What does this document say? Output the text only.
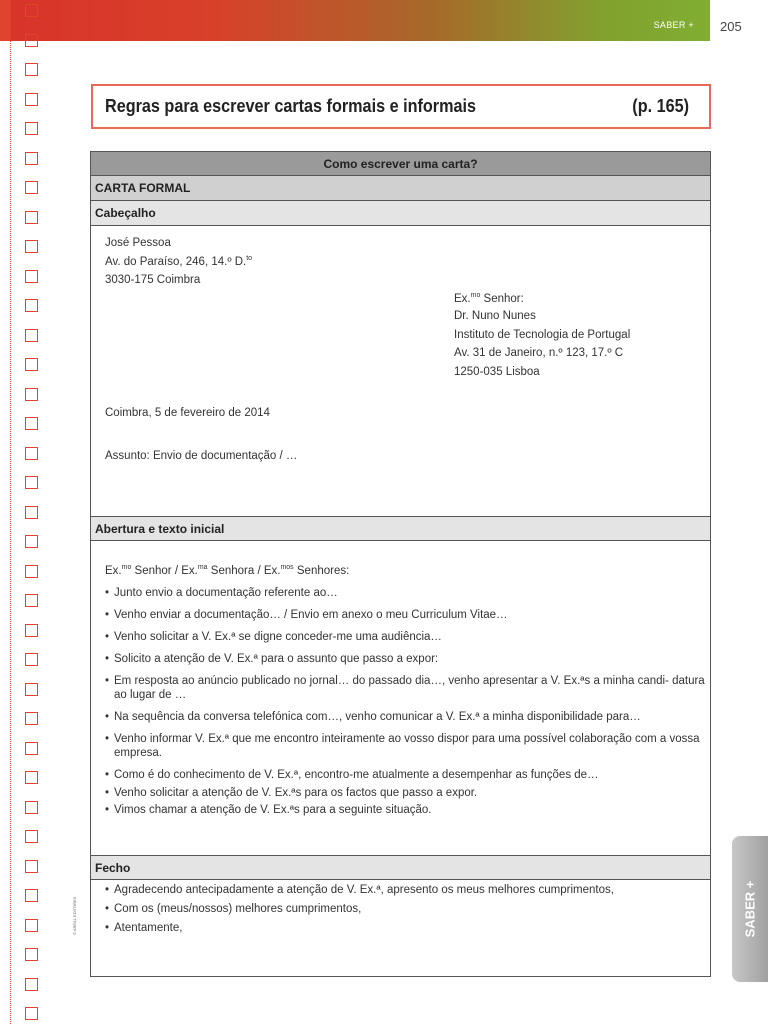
SABER + 205
Regras para escrever cartas formais e informais	(p. 165)
Como escrever uma carta?
CARTA FORMAL
Cabeçalho
José Pessoa
Av. do Paraíso, 246, 14.º D.$^{to}$
3030-175 Coimbra
Ex.$^{mo}$ Senhor:
Dr. Nuno Nunes
Instituto de Tecnologia de Portugal
Av. 31 de Janeiro, n.º 123, 17.º C
1250-035 Lisboa
Coimbra, 5 de fevereiro de 2014
Assunto: Envio de documentação / …
Abertura e texto inicial
Ex.$^{mo}$ Senhor / Ex.$^{ma}$ Senhora / Ex.$^{mos}$ Senhores:
• Junto envio a documentação referente ao…
• Venho enviar a documentação… / Envio em anexo o meu Curriculum Vitae…
• Venho solicitar a V. Ex.ª se digne conceder-me uma audiência…
• Solicito a atenção de V. Ex.ª para o assunto que passo a expor:
• Em resposta ao anúncio publicado no jornal… do passado dia…, venho apresentar a V. Ex.ªs a minha candi- datura ao lugar de …
• Na sequência da conversa telefónica com…, venho comunicar a V. Ex.ª a minha disponibilidade para…
• Venho informar V. Ex.ª que me encontro inteiramente ao vosso dispor para uma possível colaboração com a vossa empresa.
• Como é do conhecimento de V. Ex.ª, encontro-me atualmente a desempenhar as funções de…
• Venho solicitar a atenção de V. Ex.ªs para os factos que passo a expor.
• Vimos chamar a atenção de V. Ex.ªs para a seguinte situação.
Fecho
• Agradecendo antecipadamente a atenção de V. Ex.ª, apresento os meus melhores cumprimentos,
• Com os (meus/nossos) melhores cumprimentos,
• Atentamente,	SABER +
© AREAL EDITORES
